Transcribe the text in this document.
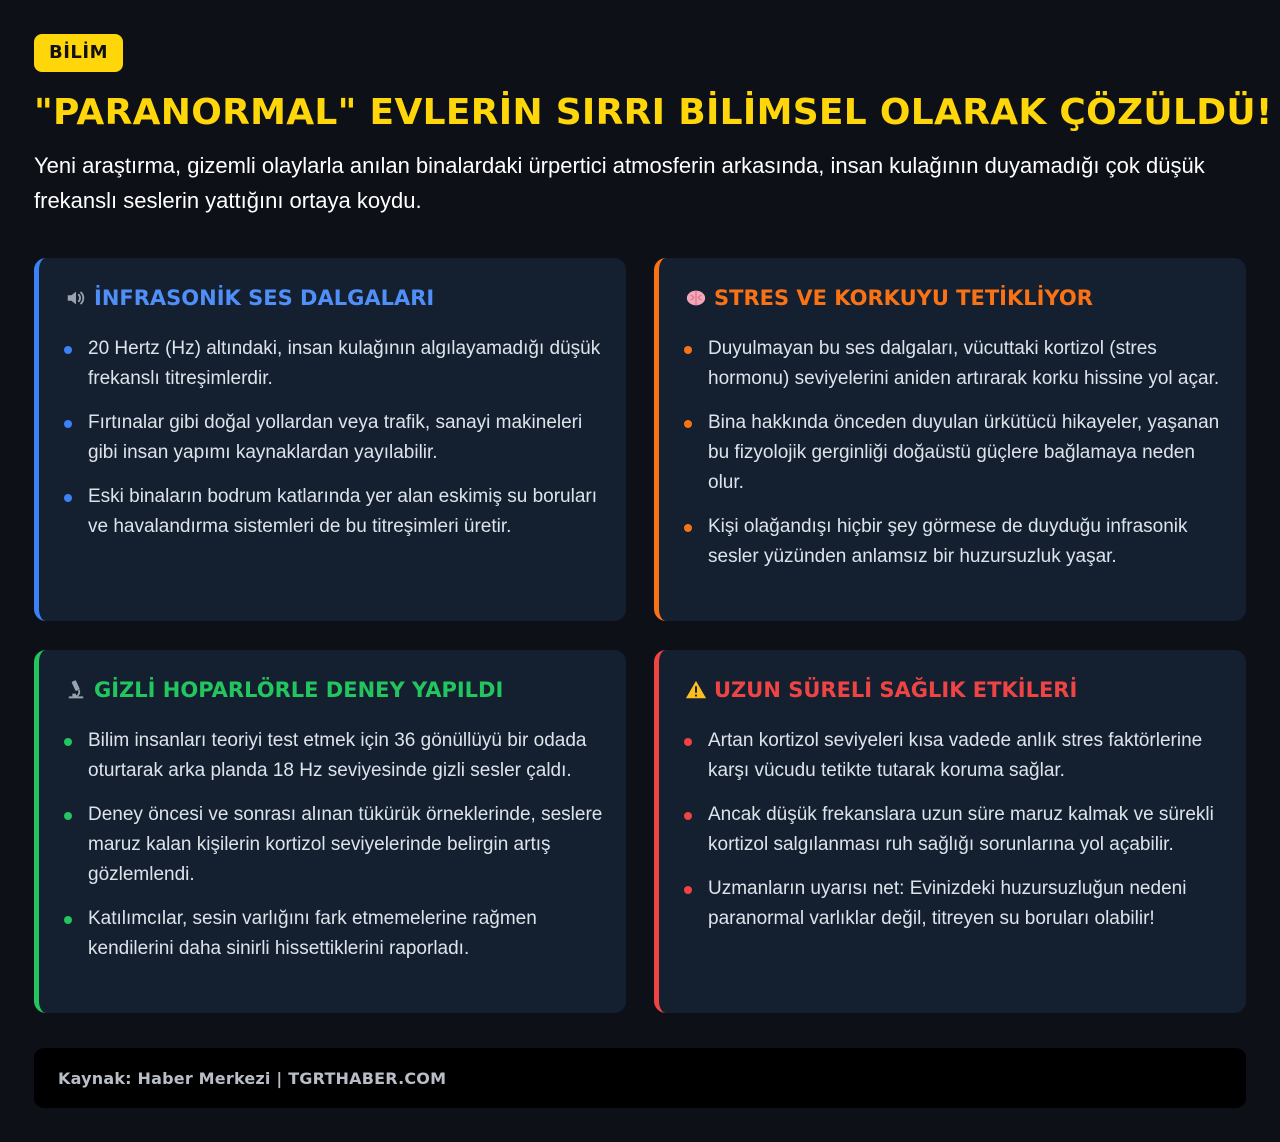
BİLİM
"PARANORMAL" EVLERİN SIRRI BİLİMSEL OLARAK ÇÖZÜLDÜ!

Yeni araştırma, gizemli olaylarla anılan binalardaki ürpertici atmosferin arkasında, insan kulağının duyamadığı çok düşük frekanslı seslerin yattığını ortaya koydu.

İNFRASONİK SES DALGALARI
20 Hertz (Hz) altındaki, insan kulağının algılayamadığı düşük frekanslı titreşimlerdir.
Fırtınalar gibi doğal yollardan veya trafik, sanayi makineleri gibi insan yapımı kaynaklardan yayılabilir.
Eski binaların bodrum katlarında yer alan eskimiş su boruları ve havalandırma sistemleri de bu titreşimleri üretir.
STRES VE KORKUYU TETİKLİYOR
Duyulmayan bu ses dalgaları, vücuttaki kortizol (stres hormonu) seviyelerini aniden artırarak korku hissine yol açar.
Bina hakkında önceden duyulan ürkütücü hikayeler, yaşanan bu fizyolojik gerginliği doğaüstü güçlere bağlamaya neden olur.
Kişi olağandışı hiçbir şey görmese de duyduğu infrasonik sesler yüzünden anlamsız bir huzursuzluk yaşar.
GİZLİ HOPARLÖRLE DENEY YAPILDI
Bilim insanları teoriyi test etmek için 36 gönüllüyü bir odada oturtarak arka planda 18 Hz seviyesinde gizli sesler çaldı.
Deney öncesi ve sonrası alınan tükürük örneklerinde, seslere maruz kalan kişilerin kortizol seviyelerinde belirgin artış gözlemlendi.
Katılımcılar, sesin varlığını fark etmemelerine rağmen kendilerini daha sinirli hissettiklerini raporladı.
UZUN SÜRELİ SAĞLIK ETKİLERİ
Artan kortizol seviyeleri kısa vadede anlık stres faktörlerine karşı vücudu tetikte tutarak koruma sağlar.
Ancak düşük frekanslara uzun süre maruz kalmak ve sürekli kortizol salgılanması ruh sağlığı sorunlarına yol açabilir.
Uzmanların uyarısı net: Evinizdeki huzursuzluğun nedeni paranormal varlıklar değil, titreyen su boruları olabilir!
Kaynak: Haber Merkezi | TGRTHABER.COM
